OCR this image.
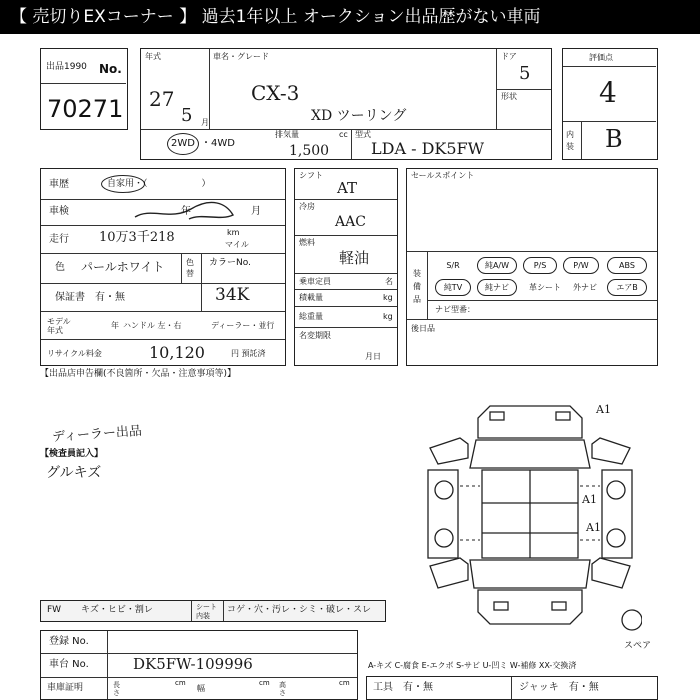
【 売切りEXコーナー 】 過去1年以上 オークション出品歴がない車両
出品1990 No.
70271
年式
27
5 月
車名・グレード
CX-3
XD ツーリング
2WD ・4WD
排気量	cc
1,500
型式
LDA - DK5FW
ドア
5
形状
評価点
4
内装 B
車歴	自家用・（　　　　　　）
車検	年	月
走行 10万3千218	km
マイル
色 パールホワイト	色替
カラーNo.
保証書　有・無	34K
モデル年式
年 ハンドル 左・右	ディーラー・並行
リサイクル料金	10,120	円 預託済
シフト
AT
冷房
AAC
燃料
軽油
乗車定員	名
積載量	kg
総重量	kg
名変期限
月日
セールスポイント
装備品
S/R	純A/W	P/S	P/W	ABS
純TV	純ナビ	革シート	外ナビ	エアB
ナビ型番：
後日品
【出品店申告欄(不良箇所・欠品・注意事項等)】
ディーラー出品
【検査員記入】
グルキズ
A1
A1
A1
スペア
FW キズ・ヒビ・割レ	シート内装
コゲ・穴・汚レ・シミ・破レ・スレ
登録 No.
車台 No.	DK5FW-109996
車庫証明	長さ
cm
幅
cm 高さ
cm
A-キズ C-腐食 E-エクボ S-サビ U-凹ミ W-補修 XX-交換済
工具　有・無	ジャッキ　有・無
